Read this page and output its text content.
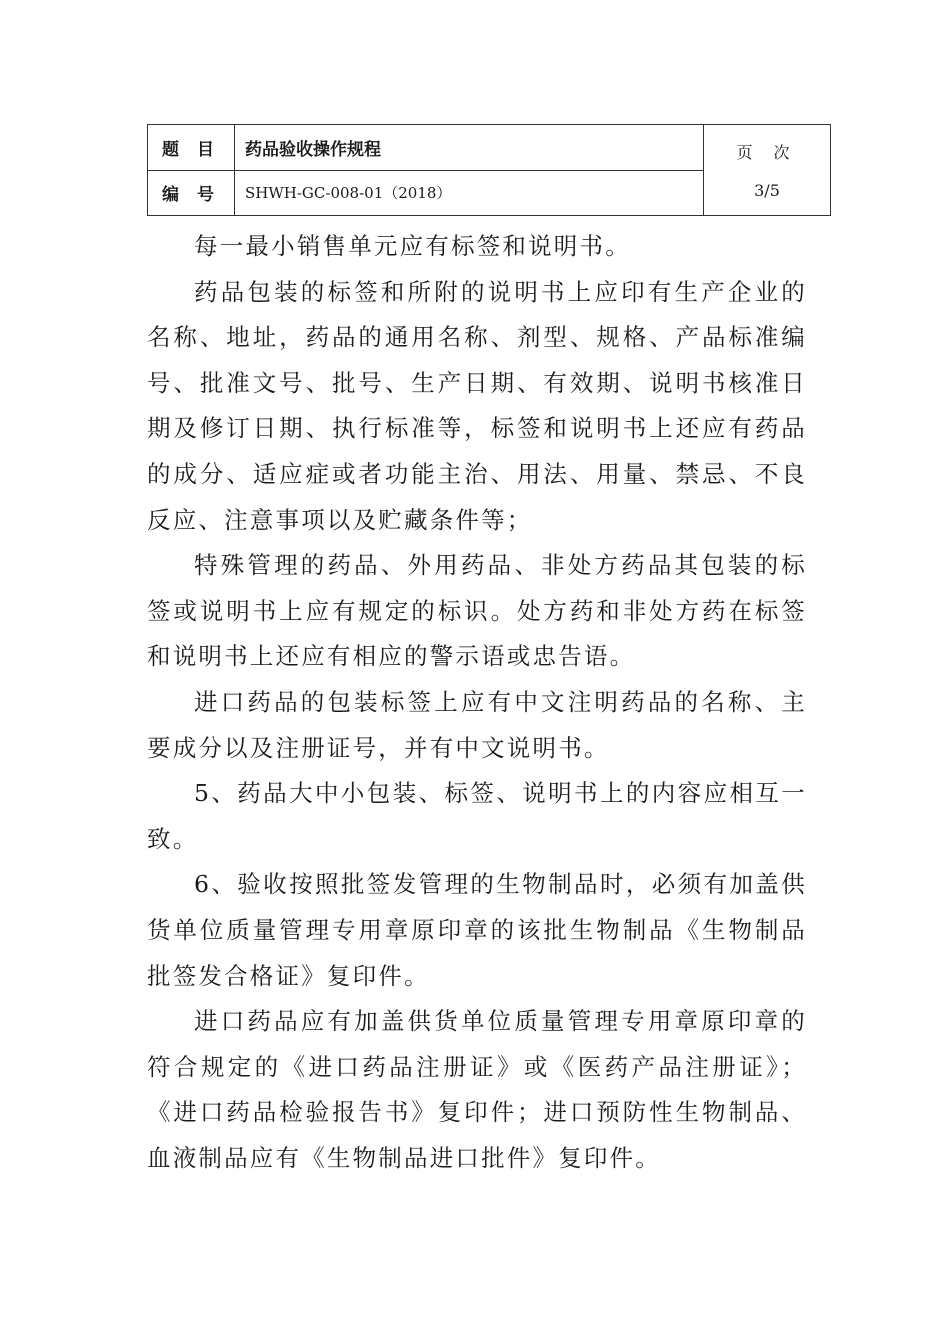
题 目	药品验收操作规程	页 次
3/5

编 号	SHWH-GC-008-01（2018）	

每一最小销售单元应有标签和说明书。

药品包装的标签和所附的说明书上应印有生产企业的名称、地址，药品的通用名称、剂型、规格、产品标准编号、批准文号、批号、生产日期、有效期、说明书核准日期及修订日期、执行标准等，标签和说明书上还应有药品的成分、适应症或者功能主治、用法、用量、禁忌、不良反应、注意事项以及贮藏条件等；

特殊管理的药品、外用药品、非处方药品其包装的标签或说明书上应有规定的标识。处方药和非处方药在标签和说明书上还应有相应的警示语或忠告语。

进口药品的包装标签上应有中文注明药品的名称、主要成分以及注册证号，并有中文说明书。

5、药品大中小包装、标签、说明书上的内容应相互一致。

6、验收按照批签发管理的生物制品时，必须有加盖供货单位质量管理专用章原印章的该批生物制品《生物制品批签发合格证》复印件。

进口药品应有加盖供货单位质量管理专用章原印章的符合规定的《进口药品注册证》或《医药产品注册证》；《进口药品检验报告书》复印件；进口预防性生物制品、血液制品应有《生物制品进口批件》复印件。
